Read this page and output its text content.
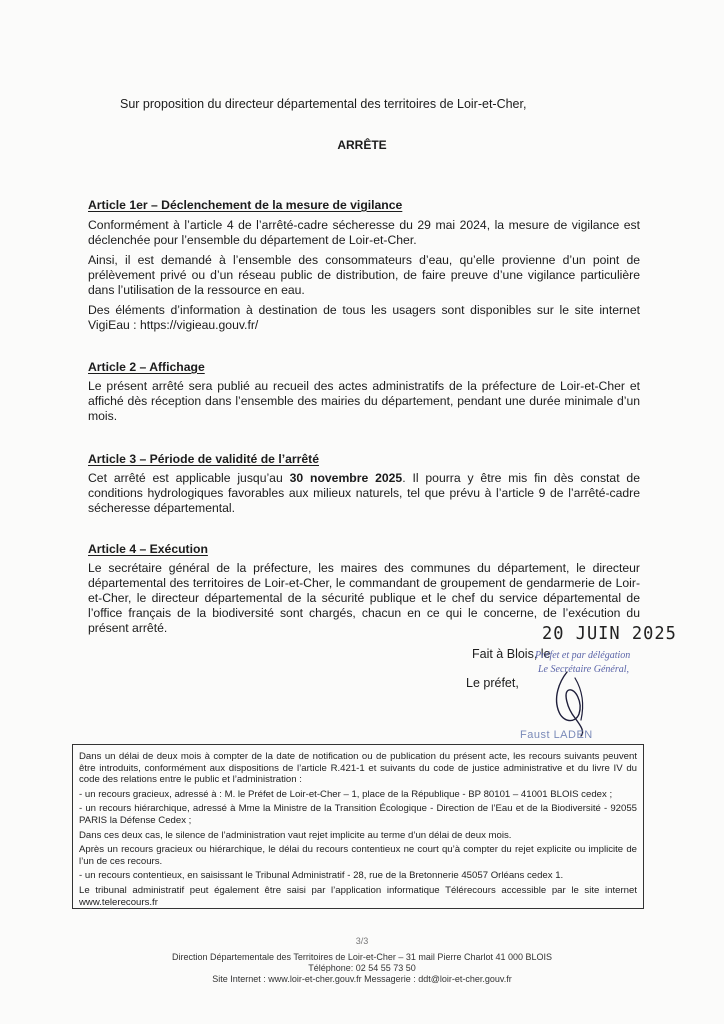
Sur proposition du directeur départemental des territoires de Loir-et-Cher,

ARRÊTE

Article 1er – Déclenchement de la mesure de vigilance

Conformément à l’article 4 de l’arrêté-cadre sécheresse du 29 mai 2024, la mesure de vigilance est déclenchée pour l’ensemble du département de Loir-et-Cher.

Ainsi, il est demandé à l’ensemble des consommateurs d’eau, qu’elle provienne d’un point de prélèvement privé ou d’un réseau public de distribution, de faire preuve d’une vigilance particulière dans l’utilisation de la ressource en eau.

Des éléments d’information à destination de tous les usagers sont disponibles sur le site internet VigiEau : https://vigieau.gouv.fr/

Article 2 – Affichage

Le présent arrêté sera publié au recueil des actes administratifs de la préfecture de Loir-et-Cher et affiché dès réception dans l’ensemble des mairies du département, pendant une durée minimale d’un mois.

Article 3 – Période de validité de l’arrêté

Cet arrêté est applicable jusqu’au 30 novembre 2025. Il pourra y être mis fin dès constat de conditions hydrologiques favorables aux milieux naturels, tel que prévu à l’article 9 de l’arrêté-cadre sécheresse départemental.

Article 4 – Exécution

Le secrétaire général de la préfecture, les maires des communes du département, le directeur départemental des territoires de Loir-et-Cher, le commandant de groupement de gendarmerie de Loir-et-Cher, le directeur départemental de la sécurité publique et le chef du service départemental de l’office français de la biodiversité sont chargés, chacun en ce qui le concerne, de l’exécution du présent arrêté.	20 JUIN 2025

Fait à Blois, le

Préfet et par délégation
Le Secrétaire Général,

Le préfet,

Faust LADEN

Dans un délai de deux mois à compter de la date de notification ou de publication du présent acte, les recours suivants peuvent être introduits, conformément aux dispositions de l’article R.421-1 et suivants du code de justice administrative et du livre IV du code des relations entre le public et l’administration :

- un recours gracieux, adressé à : M. le Préfet de Loir-et-Cher – 1, place de la République - BP 80101 – 41001 BLOIS cedex ;

- un recours hiérarchique, adressé à Mme la Ministre de la Transition Écologique - Direction de l’Eau et de la Biodiversité - 92055 PARIS la Défense Cedex ;

Dans ces deux cas, le silence de l’administration vaut rejet implicite au terme d’un délai de deux mois.

Après un recours gracieux ou hiérarchique, le délai du recours contentieux ne court qu’à compter du rejet explicite ou implicite de l’un de ces recours.

- un recours contentieux, en saisissant le Tribunal Administratif - 28, rue de la Bretonnerie 45057 Orléans cedex 1.

Le tribunal administratif peut également être saisi par l’application informatique Télérecours accessible par le site internet www.telerecours.fr

3/3
Direction Départementale des Territoires de Loir-et-Cher – 31 mail Pierre Charlot 41 000 BLOIS
Téléphone: 02 54 55 73 50
Site Internet : www.loir-et-cher.gouv.fr Messagerie : ddt@loir-et-cher.gouv.fr
